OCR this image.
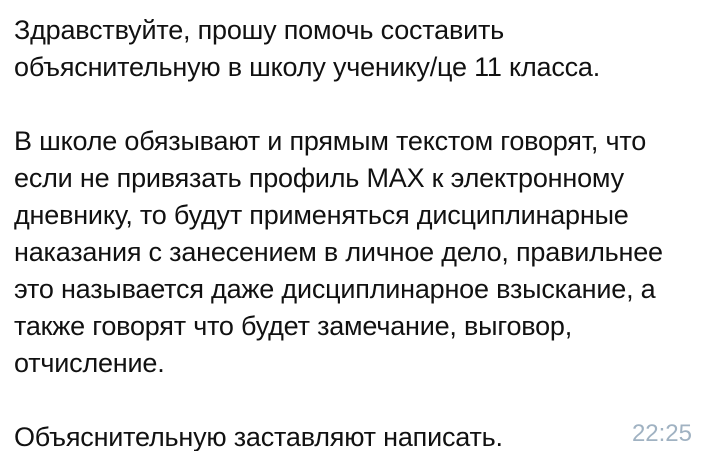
Здравствуйте, прошу помочь составить
объяснительную в школу ученику/це 11 класса.
В школе обязывают и прямым текстом говорят, что
если не привязать профиль MAX к электронному
дневнику, то будут применяться дисциплинарные
наказания с занесением в личное дело, правильнее
это называется даже дисциплинарное взыскание, а
также говорят что будет замечание, выговор,
отчисление.
Объяснительную заставляют написать.	22:25
